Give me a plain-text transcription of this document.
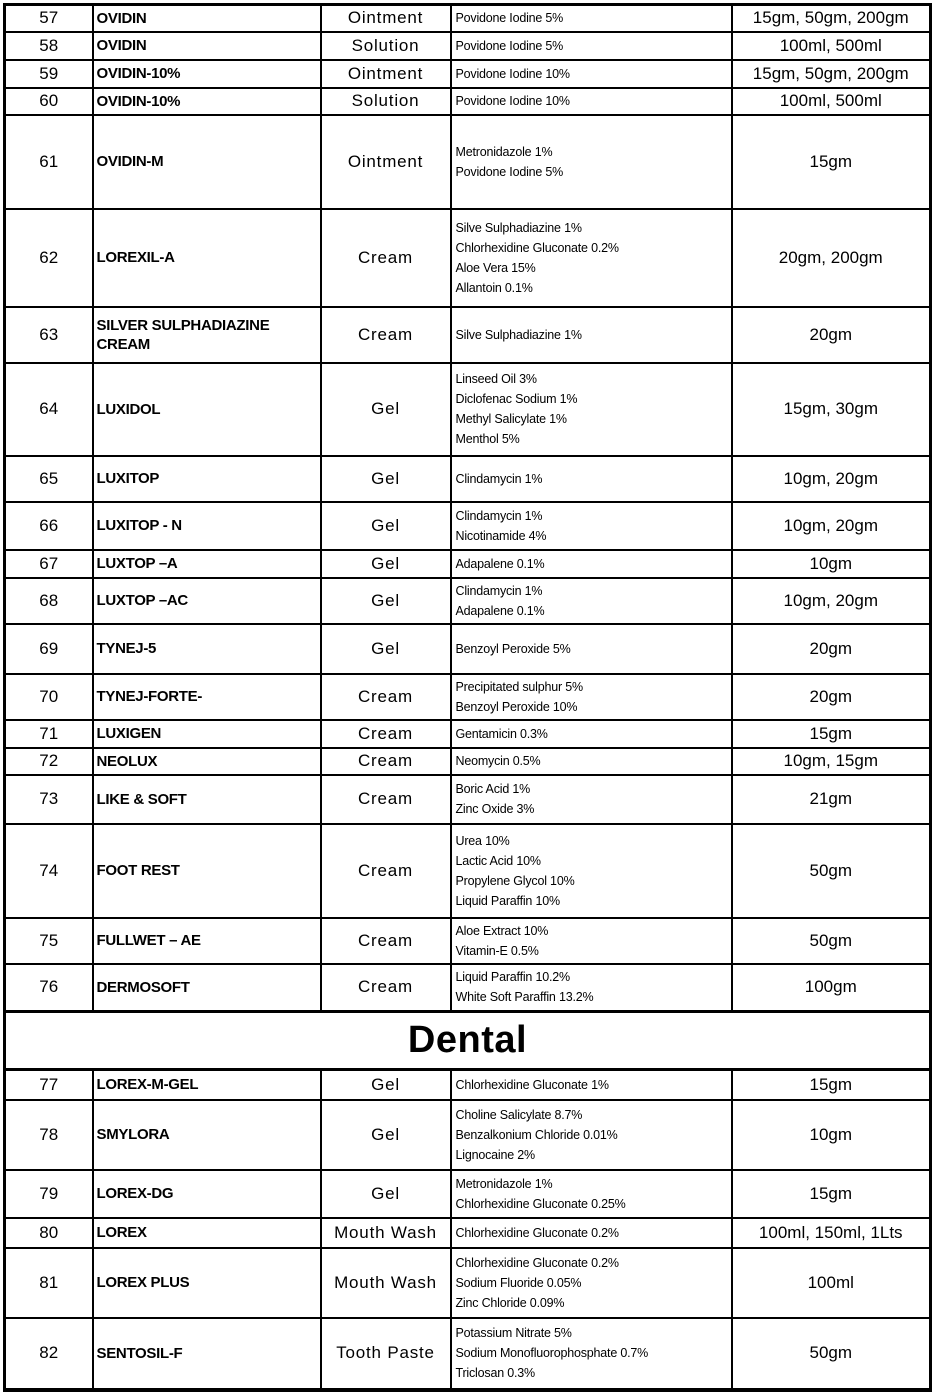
57	OVIDIN	Ointment	Povidone Iodine 5%	15gm, 50gm, 200gm
58	OVIDIN	Solution	Povidone Iodine 5%	100ml, 500ml
59	OVIDIN-10%	Ointment	Povidone Iodine 10%	15gm, 50gm, 200gm
60	OVIDIN-10%	Solution	Povidone Iodine 10%	100ml, 500ml
61	OVIDIN-M	Ointment	Metronidazole 1%
Povidone Iodine 5%	15gm
62	LOREXIL-A	Cream	Silve Sulphadiazine 1%
Chlorhexidine Gluconate 0.2%
Aloe Vera 15%
Allantoin 0.1%	20gm, 200gm
63	SILVER SULPHADIAZINE CREAM	Cream	Silve Sulphadiazine 1%	20gm
64	LUXIDOL	Gel	Linseed Oil 3%
Diclofenac Sodium 1%
Methyl Salicylate 1%
Menthol 5%	15gm, 30gm
65	LUXITOP	Gel	Clindamycin 1%	10gm, 20gm
66	LUXITOP - N	Gel	Clindamycin 1%
Nicotinamide 4%	10gm, 20gm
67	LUXTOP –A	Gel	Adapalene 0.1%	10gm
68	LUXTOP –AC	Gel	Clindamycin 1%
Adapalene 0.1%	10gm, 20gm
69	TYNEJ-5	Gel	Benzoyl Peroxide 5%	20gm
70	TYNEJ-FORTE-	Cream	Precipitated sulphur 5%
Benzoyl Peroxide 10%	20gm
71	LUXIGEN	Cream	Gentamicin 0.3%	15gm
72	NEOLUX	Cream	Neomycin 0.5%	10gm, 15gm
73	LIKE & SOFT	Cream	Boric Acid 1%
Zinc Oxide 3%	21gm
74	FOOT REST	Cream	Urea 10%
Lactic Acid 10%
Propylene Glycol 10%
Liquid Paraffin 10%	50gm
75	FULLWET – AE	Cream	Aloe Extract 10%
Vitamin-E 0.5%	50gm
76	DERMOSOFT	Cream	Liquid Paraffin 10.2%
White Soft Paraffin 13.2%	100gm
Dental				
77	LOREX-M-GEL	Gel	Chlorhexidine Gluconate 1%	15gm
78	SMYLORA	Gel	Choline Salicylate 8.7%
Benzalkonium Chloride 0.01%
Lignocaine 2%	10gm
79	LOREX-DG	Gel	Metronidazole 1%
Chlorhexidine Gluconate 0.25%	15gm
80	LOREX	Mouth Wash	Chlorhexidine Gluconate 0.2%	100ml, 150ml, 1Lts
81	LOREX PLUS	Mouth Wash	Chlorhexidine Gluconate 0.2%
Sodium Fluoride 0.05%
Zinc Chloride 0.09%	100ml
82	SENTOSIL-F	Tooth Paste	Potassium Nitrate 5%
Sodium Monofluorophosphate 0.7%
Triclosan 0.3%	50gm
